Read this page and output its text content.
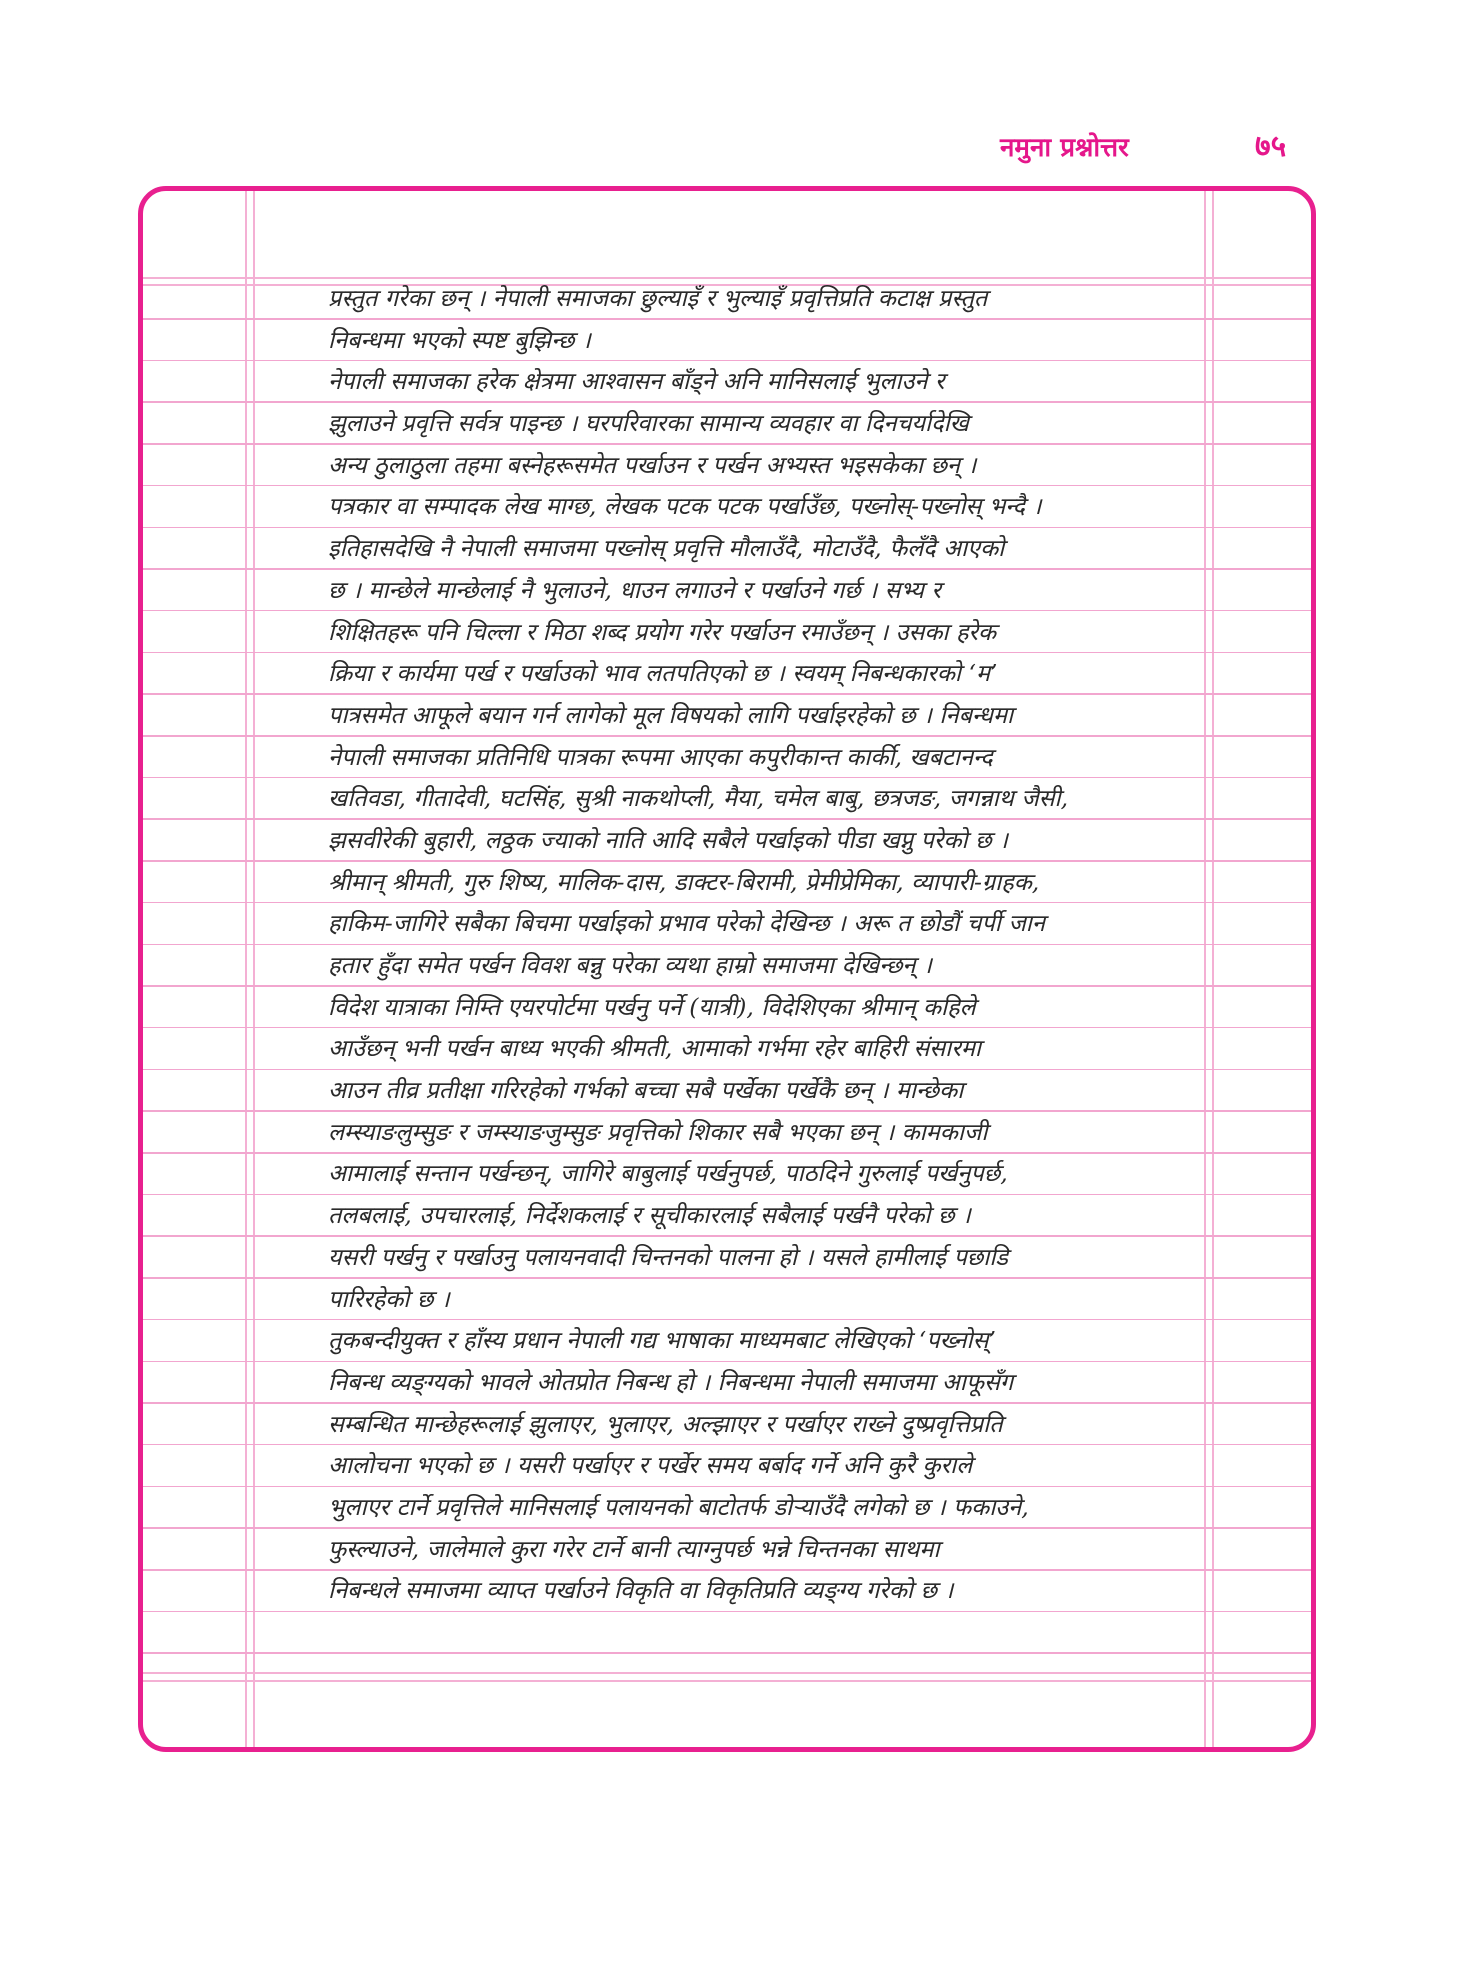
नमुना प्रश्नोत्तर	७५
प्रस्तुत गरेका छन् । नेपाली समाजका छुल्याइँ र भुल्याइँ प्रवृत्तिप्रति कटाक्ष प्रस्तुत
निबन्धमा भएको स्पष्ट बुझिन्छ ।
नेपाली समाजका हरेक क्षेत्रमा आश्वासन बाँड्ने अनि मानिसलाई भुलाउने र
झुलाउने प्रवृत्ति सर्वत्र पाइन्छ । घरपरिवारका सामान्य व्यवहार वा दिनचर्यादेखि
अन्य ठुलाठुला तहमा बस्नेहरूसमेत पर्खाउन र पर्खन अभ्यस्त भइसकेका छन् ।
पत्रकार वा सम्पादक लेख माग्छ, लेखक पटक पटक पर्खाउँछ, पख्नोस्-पख्नोस् भन्दै ।
इतिहासदेखि नै नेपाली समाजमा पख्नोस् प्रवृत्ति मौलाउँदै, मोटाउँदै, फैलँदै आएको
छ । मान्छेले मान्छेलाई नै भुलाउने, धाउन लगाउने र पर्खाउने गर्छ । सभ्य र
शिक्षितहरू पनि चिल्ला र मिठा शब्द प्रयोग गरेर पर्खाउन रमाउँछन् । उसका हरेक
क्रिया र कार्यमा पर्ख र पर्खाउको भाव लतपतिएको छ । स्वयम् निबन्धकारको ‘म’
पात्रसमेत आफूले बयान गर्न लागेको मूल विषयको लागि पर्खाइरहेको छ । निबन्धमा
नेपाली समाजका प्रतिनिधि पात्रका रूपमा आएका कपुरीकान्त कार्की, खबटानन्द
खतिवडा, गीतादेवी, घटसिंह, सुश्री नाकथोप्ली, मैया, चमेल बाबु, छत्रजङ, जगन्नाथ जैसी,
झसवीरेकी बुहारी, लठ्ठक ज्याको नाति आदि सबैले पर्खाइको पीडा खप्नु परेको छ ।
श्रीमान् श्रीमती, गुरु शिष्य, मालिक-दास, डाक्टर-बिरामी, प्रेमीप्रेमिका, व्यापारी-ग्राहक,
हाकिम-जागिरे सबैका बिचमा पर्खाइको प्रभाव परेको देखिन्छ । अरू त छोडौं चर्पी जान
हतार हुँदा समेत पर्खन विवश बन्नु परेका व्यथा हाम्रो समाजमा देखिन्छन् ।
विदेश यात्राका निम्ति एयरपोर्टमा पर्खनु पर्ने (यात्री), विदेशिएका श्रीमान् कहिले
आउँछन् भनी पर्खन बाध्य भएकी श्रीमती, आमाको गर्भमा रहेर बाहिरी संसारमा
आउन तीव्र प्रतीक्षा गरिरहेको गर्भको बच्चा सबै पर्खेका पर्खेकै छन् । मान्छेका
लम्स्याङलुम्सुङ र जम्स्याङजुम्सुङ प्रवृत्तिको शिकार सबै भएका छन् । कामकाजी
आमालाई सन्तान पर्खन्छन्, जागिरे बाबुलाई पर्खनुपर्छ, पाठदिने गुरुलाई पर्खनुपर्छ,
तलबलाई, उपचारलाई, निर्देशकलाई र सूचीकारलाई सबैलाई पर्खनै परेको छ ।
यसरी पर्खनु र पर्खाउनु पलायनवादी चिन्तनको पालना हो । यसले हामीलाई पछाडि
पारिरहेको छ ।
तुकबन्दीयुक्त र हाँस्य प्रधान नेपाली गद्य भाषाका माध्यमबाट लेखिएको ‘पख्नोस्’
निबन्ध व्यङ्ग्यको भावले ओतप्रोत निबन्ध हो । निबन्धमा नेपाली समाजमा आफूसँग
सम्बन्धित मान्छेहरूलाई झुलाएर, भुलाएर, अल्झाएर र पर्खाएर राख्ने दुष्प्रवृत्तिप्रति
आलोचना भएको छ । यसरी पर्खाएर र पर्खेर समय बर्बाद गर्ने अनि कुरै कुराले
भुलाएर टार्ने प्रवृत्तिले मानिसलाई पलायनको बाटोतर्फ डोऱ्याउँदै लगेको छ । फकाउने,
फुस्ल्याउने, जालेमाले कुरा गरेर टार्ने बानी त्याग्नुपर्छ भन्ने चिन्तनका साथमा
निबन्धले समाजमा व्याप्त पर्खाउने विकृति वा विकृतिप्रति व्यङ्ग्य गरेको छ ।
